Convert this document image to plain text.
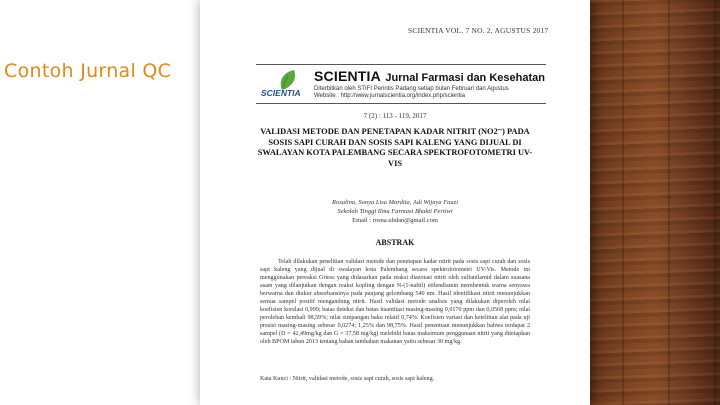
Contoh Jurnal QC
SCIENTIA VOL. 7 NO. 2, AGUSTUS 2017
SCIENTIA
SCIENTIA Jurnal Farmasi dan Kesehatan
Diterbitkan oleh STIFI Perintis Padang setiap bulan Februari dan Agustus
Website : http://www.jurnalscientia.org/index.php/scientia
7 (2) : 113 - 119, 2017
VALIDASI METODE DAN PENETAPAN KADAR NITRIT (NO2⁻) PADA SOSIS SAPI CURAH DAN SOSIS SAPI KALENG YANG DIJUAL DI SWALAYAN KOTA PALEMBANG SECARA SPEKTROFOTOMETRI UV-VIS
Rosalina, Sonya Lisa Mardita, Adi Wijaya Fauzi
Sekolah Tinggi Ilmu Farmasi Bhakti Pertiwi
Email : rosna.ubdan@gmail.com
ABSTRAK
Telah dilakukan penelitian validasi metode dan penetapan kadar nitrit pada sosis sapi curah dan sosis sapi kaleng yang dijual di swalayan kota Palembang secara spektrofotometri UV-Vis. Metode ini menggunakan pereaksi Griess yang didasarkan pada reaksi diazotasi nitrit oleh sulfanilamid dalam suasana asam yang dilanjutkan dengan reaksi kopling dengan N-(1-naftil) etilendiamin membentuk warna senyawa berwarna dan diukur absorbansinya pada panjang gelombang 540 nm. Hasil identifikasi nitrit menunjukkan semua sampel positif mengandung nitrit. Hasil validasi metode analisis yang dilakukan diperoleh nilai koefisien korelasi 0,999; batas deteksi dan batas kuantitasi masing-masing 0,0170 ppm dan 0,0568 ppm; nilai perolehan kembali 98,59%; nilai simpangan baku relatif 0,74%. Koefisien variasi dan ketelitian alat pada uji presisi masing-masing sebesar 0,0274; 1,25% dan 98,75%. Hasil penentuan menunjukkan bahwa terdapat 2 sampel (D = 42,49mg/kg dan G = 37,58 mg/kg) melebihi batas maksimum penggunaan nitrit yang ditetapkan oleh BPOM tahun 2013 tentang bahan tambahan makanan yaitu sebesar 30 mg/kg.
Kata Kunci : Nitrit, validasi metode, sosis sapi curah, sosis sapi kaleng.
